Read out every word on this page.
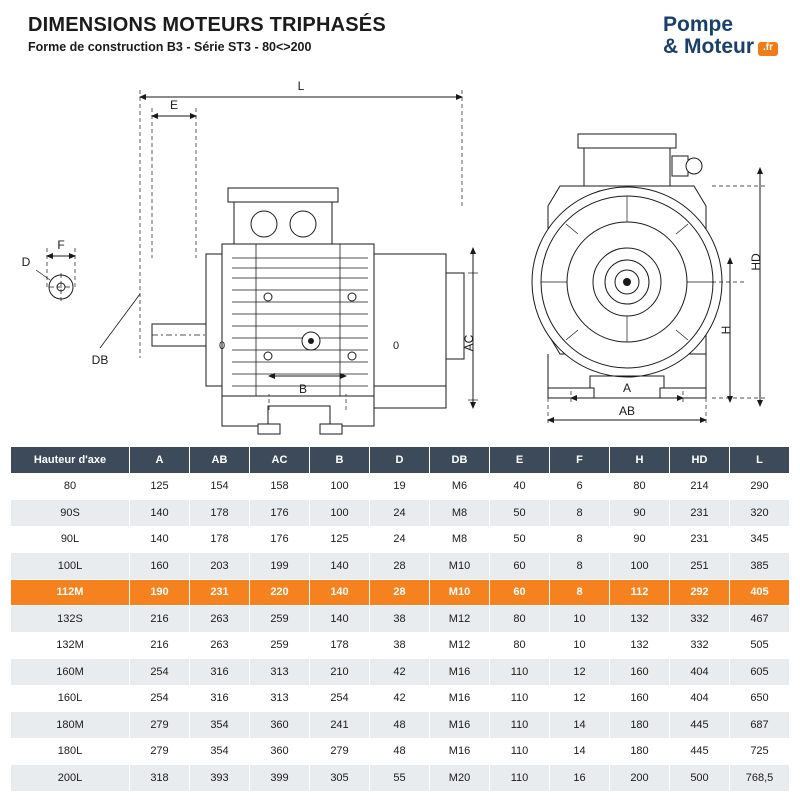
DIMENSIONS MOTEURS TRIPHASÉS
Forme de construction B3 - Série ST3 - 80<>200
Pompe
& Moteur .fr
L
E
0	0	AC
B
F
D
DB
HD
H
A
AB
Hauteur d'axe	A	AB	AC	B	D	DB	E	F	H	HD	L
80	125	154	158	100	19	M6	40	6	80	214	290
90S	140	178	176	100	24	M8	50	8	90	231	320
90L	140	178	176	125	24	M8	50	8	90	231	345
100L	160	203	199	140	28	M10	60	8	100	251	385
112M	190	231	220	140	28	M10	60	8	112	292	405
132S	216	263	259	140	38	M12	80	10	132	332	467
132M	216	263	259	178	38	M12	80	10	132	332	505
160M	254	316	313	210	42	M16	110	12	160	404	605
160L	254	316	313	254	42	M16	110	12	160	404	650
180M	279	354	360	241	48	M16	110	14	180	445	687
180L	279	354	360	279	48	M16	110	14	180	445	725
200L	318	393	399	305	55	M20	110	16	200	500	768,5
